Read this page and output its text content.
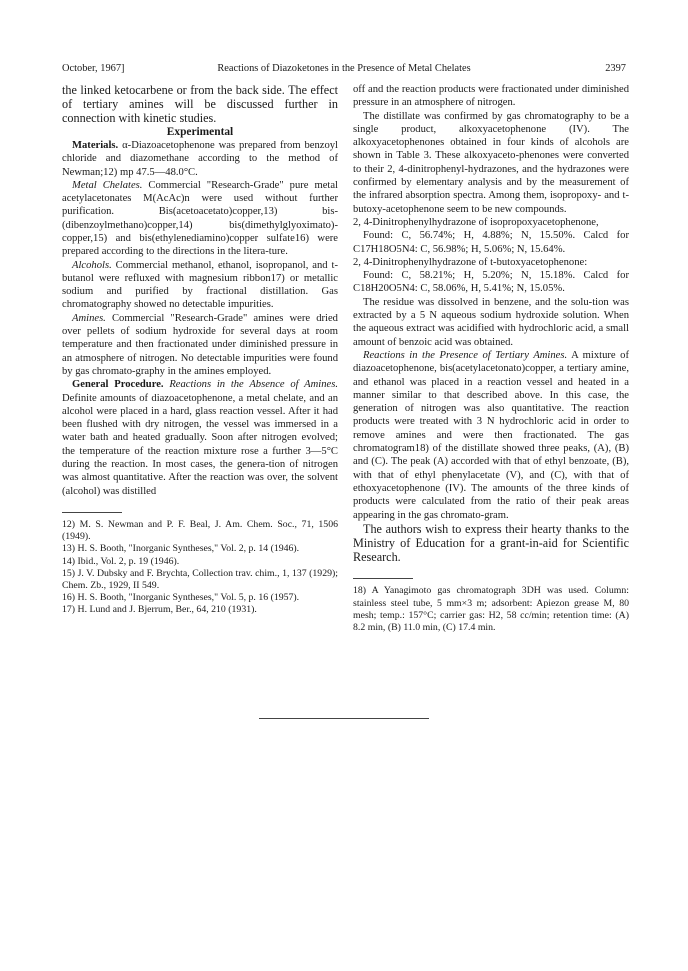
October, 1967]	Reactions of Diazoketones in the Presence of Metal Chelates	2397

the linked ketocarbene or from the back side. The effect of tertiary amines will be discussed further in connection with kinetic studies.

Experimental

Materials. α-Diazoacetophenone was prepared from benzoyl chloride and diazomethane according to the method of Newman;12) mp 47.5—48.0°C.

Metal Chelates. Commercial "Research-Grade" pure metal acetylacetonates M(AcAc)n were used without further purification. Bis(acetoacetato)copper,13) bis-(dibenzoylmethano)copper,14) bis(dimethylglyoximato)-copper,15) and bis(ethylenediamino)copper sulfate16) were prepared according to the directions in the litera-ture.

Alcohols. Commercial methanol, ethanol, isopropanol, and t-butanol were refluxed with magnesium ribbon17) or metallic sodium and purified by fractional distillation. Gas chromatography showed no detectable impurities.

Amines. Commercial "Research-Grade" amines were dried over pellets of sodium hydroxide for several days at room temperature and then fractionated under diminished pressure in an atmosphere of nitrogen. No detectable impurities were found by gas chromato-graphy in the amines employed.

General Procedure. Reactions in the Absence of Amines. Definite amounts of diazoacetophenone, a metal chelate, and an alcohol were placed in a hard, glass reaction vessel. After it had been flushed with dry nitrogen, the vessel was immersed in a water bath and heated gradually. Soon after nitrogen evolved; the temperature of the reaction mixture rose a further 3—5°C during the reaction. In most cases, the genera-tion of nitrogen was almost quantitative. After the reaction was over, the solvent (alcohol) was distilled

12) M. S. Newman and P. F. Beal, J. Am. Chem. Soc., 71, 1506 (1949).

13) H. S. Booth, "Inorganic Syntheses," Vol. 2, p. 14 (1946).

14) Ibid., Vol. 2, p. 19 (1946).

15) J. V. Dubsky and F. Brychta, Collection trav. chim., 1, 137 (1929); Chem. Zb., 1929, II 549.

16) H. S. Booth, "Inorganic Syntheses," Vol. 5, p. 16 (1957).

17) H. Lund and J. Bjerrum, Ber., 64, 210 (1931).

off and the reaction products were fractionated under diminished pressure in an atmosphere of nitrogen.

The distillate was confirmed by gas chromatography to be a single product, alkoxyacetophenone (IV). The alkoxyacetophenones obtained in four kinds of alcohols are shown in Table 3. These alkoxyaceto-phenones were converted to their 2, 4-dinitrophenyl-hydrazones, and the hydrazones were confirmed by elementary analysis and by the measurement of the infrared absorption spectra. Among them, isopropoxy- and t-butoxy-acetophenone seem to be new compounds.

2, 4-Dinitrophenylhydrazone of isopropoxyacetophenone,

Found: C, 56.74%; H, 4.88%; N, 15.50%. Calcd for C17H18O5N4: C, 56.98%; H, 5.06%; N, 15.64%.

2, 4-Dinitrophenylhydrazone of t-butoxyacetophenone:

Found: C, 58.21%; H, 5.20%; N, 15.18%. Calcd for C18H20O5N4: C, 58.06%, H, 5.41%; N, 15.05%.

The residue was dissolved in benzene, and the solu-tion was extracted by a 5 N aqueous sodium hydroxide solution. When the aqueous extract was acidified with hydrochloric acid, a small amount of benzoic acid was obtained.

Reactions in the Presence of Tertiary Amines. A mixture of diazoacetophenone, bis(acetylacetonato)copper, a tertiary amine, and ethanol was placed in a reaction vessel and heated in a manner similar to that described above. In this case, the generation of nitrogen was also quantitative. The reaction products were treated with 3 N hydrochloric acid in order to remove amines and were then fractionated. The gas chromatogram18) of the distillate showed three peaks, (A), (B) and (C). The peak (A) accorded with that of ethyl benzoate, (B), with that of ethyl phenylacetate (V), and (C), with that of ethoxyacetophenone (IV). The amounts of the three kinds of products were calculated from the ratio of their peak areas appearing in the gas chromato-gram.

The authors wish to express their hearty thanks to the Ministry of Education for a grant-in-aid for Scientific Research.

18) A Yanagimoto gas chromatograph 3DH was used. Column: stainless steel tube, 5 mm×3 m; adsorbent: Apiezon grease M, 80 mesh; temp.: 157°C; carrier gas: H2, 58 cc/min; retention time: (A) 8.2 min, (B) 11.0 min, (C) 17.4 min.
